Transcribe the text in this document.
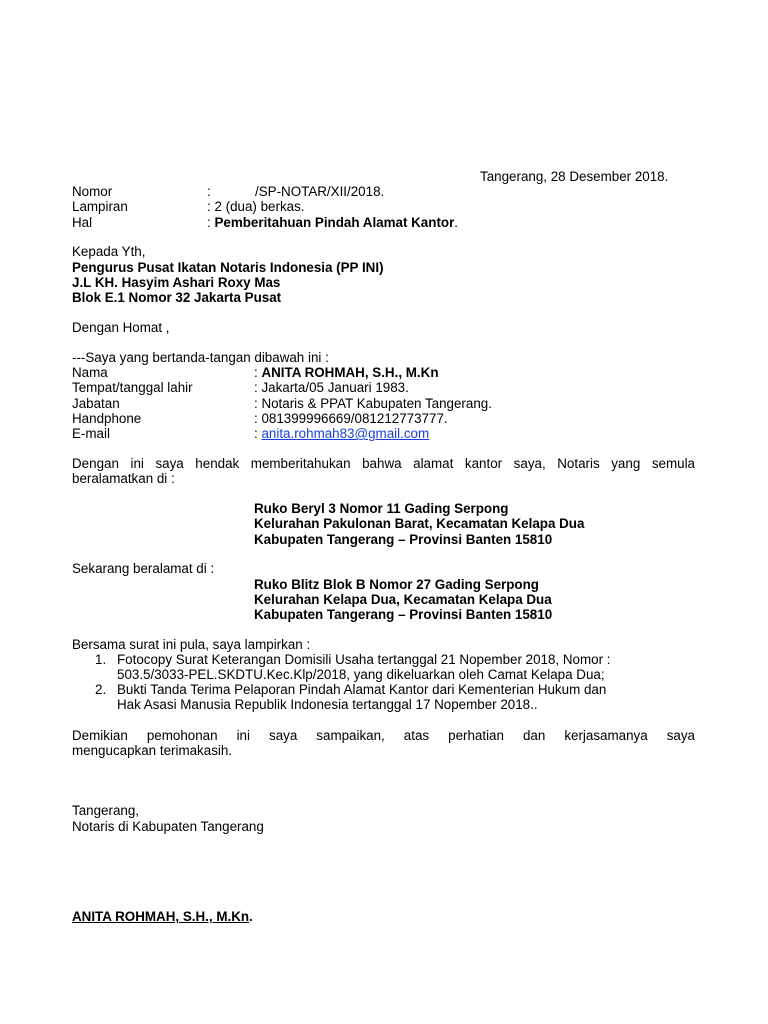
Tangerang, 28 Desember 2018.
Nomor	:	/SP-NOTAR/XII/2018.
Lampiran	: 2 (dua) berkas.
Hal	: Pemberitahuan Pindah Alamat Kantor.
Kepada Yth,
Pengurus Pusat Ikatan Notaris Indonesia (PP INI)
J.L KH. Hasyim Ashari Roxy Mas
Blok E.1 Nomor 32 Jakarta Pusat
Dengan Homat ,
---Saya yang bertanda-tangan dibawah ini :
Nama	: ANITA ROHMAH, S.H., M.Kn
Tempat/tanggal lahir	: Jakarta/05 Januari 1983.
Jabatan	: Notaris & PPAT Kabupaten Tangerang.
Handphone	: 081399996669/081212773777.
E-mail	: anita.rohmah83@gmail.com
Dengan ini saya hendak memberitahukan bahwa alamat kantor saya, Notaris yang semula
beralamatkan di :
Ruko Beryl 3 Nomor 11 Gading Serpong
Kelurahan Pakulonan Barat, Kecamatan Kelapa Dua
Kabupaten Tangerang – Provinsi Banten 15810
Sekarang beralamat di :
Ruko Blitz Blok B Nomor 27 Gading Serpong
Kelurahan Kelapa Dua, Kecamatan Kelapa Dua
Kabupaten Tangerang – Provinsi Banten 15810
Bersama surat ini pula, saya lampirkan :
1. Fotocopy Surat Keterangan Domisili Usaha tertanggal 21 Nopember 2018, Nomor :
503.5/3033-PEL.SKDTU.Kec.Klp/2018, yang dikeluarkan oleh Camat Kelapa Dua;
2. Bukti Tanda Terima Pelaporan Pindah Alamat Kantor dari Kementerian Hukum dan
Hak Asasi Manusia Republik Indonesia tertanggal 17 Nopember 2018..
Demikian pemohonan ini saya sampaikan, atas perhatian dan kerjasamanya saya
mengucapkan terimakasih.
Tangerang,
Notaris di Kabupaten Tangerang
ANITA ROHMAH, S.H., M.Kn.
